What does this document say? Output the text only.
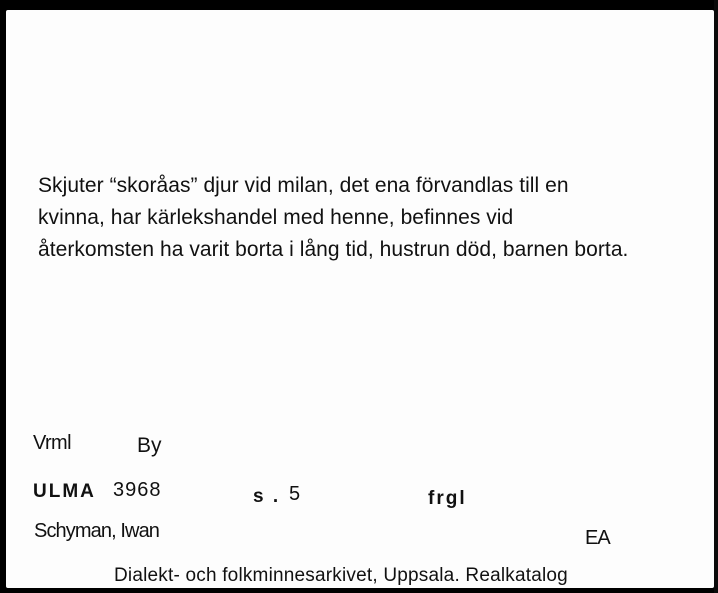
Skjuter “skoråas” djur vid milan, det ena förvandlas till en
kvinna, har kärlekshandel med henne, befinnes vid
återkomsten ha varit borta i lång tid, hustrun död, barnen borta.
Vrml	By
ULMA 3968	s . 5	frgl
Schyman, Iwan	EA
Dialekt- och folkminnesarkivet, Uppsala. Realkatalog
